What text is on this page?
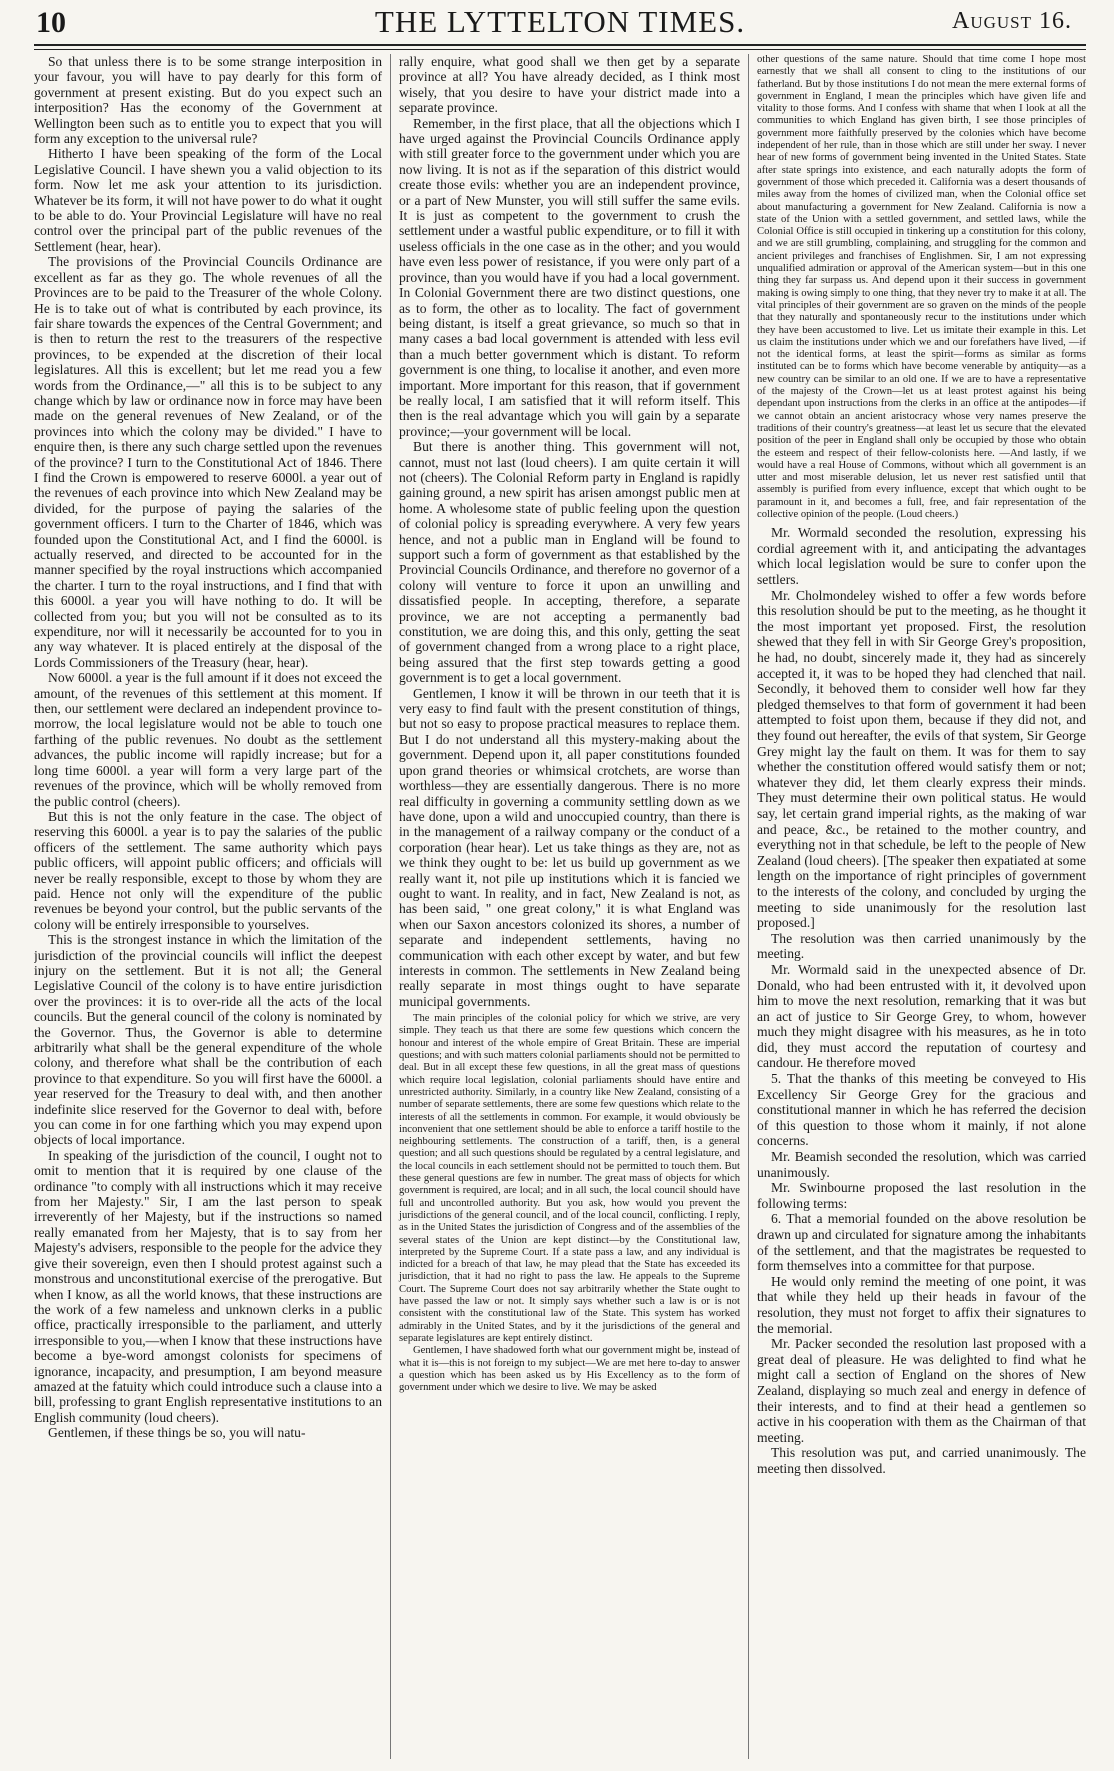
10	THE LYTTELTON TIMES.	August 16.

So that unless there is to be some strange interposition in your favour, you will have to pay dearly for this form of government at present existing. But do you expect such an interposition? Has the economy of the Government at Wellington been such as to entitle you to expect that you will form any exception to the universal rule?

Hitherto I have been speaking of the form of the Local Legislative Council. I have shewn you a valid objection to its form. Now let me ask your attention to its jurisdiction. Whatever be its form, it will not have power to do what it ought to be able to do. Your Provincial Legislature will have no real control over the principal part of the public revenues of the Settlement (hear, hear).

The provisions of the Provincial Councils Ordinance are excellent as far as they go. The whole revenues of all the Provinces are to be paid to the Treasurer of the whole Colony. He is to take out of what is contributed by each province, its fair share towards the expences of the Central Government; and is then to return the rest to the treasurers of the respective provinces, to be expended at the discretion of their local legislatures. All this is excellent; but let me read you a few words from the Ordinance,—" all this is to be subject to any change which by law or ordinance now in force may have been made on the general revenues of New Zealand, or of the provinces into which the colony may be divided." I have to enquire then, is there any such charge settled upon the revenues of the province? I turn to the Constitutional Act of 1846. There I find the Crown is empowered to reserve 6000l. a year out of the revenues of each province into which New Zealand may be divided, for the purpose of paying the salaries of the government officers. I turn to the Charter of 1846, which was founded upon the Constitutional Act, and I find the 6000l. is actually reserved, and directed to be accounted for in the manner specified by the royal instructions which accompanied the charter. I turn to the royal instructions, and I find that with this 6000l. a year you will have nothing to do. It will be collected from you; but you will not be consulted as to its expenditure, nor will it necessarily be accounted for to you in any way whatever. It is placed entirely at the disposal of the Lords Commissioners of the Treasury (hear, hear).

Now 6000l. a year is the full amount if it does not exceed the amount, of the revenues of this settlement at this moment. If then, our settlement were declared an independent province to-morrow, the local legislature would not be able to touch one farthing of the public revenues. No doubt as the settlement advances, the public income will rapidly increase; but for a long time 6000l. a year will form a very large part of the revenues of the province, which will be wholly removed from the public control (cheers).

But this is not the only feature in the case. The object of reserving this 6000l. a year is to pay the salaries of the public officers of the settlement. The same authority which pays public officers, will appoint public officers; and officials will never be really responsible, except to those by whom they are paid. Hence not only will the expenditure of the public revenues be beyond your control, but the public servants of the colony will be entirely irresponsible to yourselves.

This is the strongest instance in which the limitation of the jurisdiction of the provincial councils will inflict the deepest injury on the settlement. But it is not all; the General Legislative Council of the colony is to have entire jurisdiction over the provinces: it is to over-ride all the acts of the local councils. But the general council of the colony is nominated by the Governor. Thus, the Governor is able to determine arbitrarily what shall be the general expenditure of the whole colony, and therefore what shall be the contribution of each province to that expenditure. So you will first have the 6000l. a year reserved for the Treasury to deal with, and then another indefinite slice reserved for the Governor to deal with, before you can come in for one farthing which you may expend upon objects of local importance.

In speaking of the jurisdiction of the council, I ought not to omit to mention that it is required by one clause of the ordinance "to comply with all instructions which it may receive from her Majesty." Sir, I am the last person to speak irreverently of her Majesty, but if the instructions so named really emanated from her Majesty, that is to say from her Majesty's advisers, responsible to the people for the advice they give their sovereign, even then I should protest against such a monstrous and unconstitutional exercise of the prerogative. But when I know, as all the world knows, that these instructions are the work of a few nameless and unknown clerks in a public office, practically irresponsible to the parliament, and utterly irresponsible to you,—when I know that these instructions have become a bye-word amongst colonists for specimens of ignorance, incapacity, and presumption, I am beyond measure amazed at the fatuity which could introduce such a clause into a bill, professing to grant English representative institutions to an English community (loud cheers).

Gentlemen, if these things be so, you will natu-

rally enquire, what good shall we then get by a separate province at all? You have already decided, as I think most wisely, that you desire to have your district made into a separate province.

Remember, in the first place, that all the objections which I have urged against the Provincial Councils Ordinance apply with still greater force to the government under which you are now living. It is not as if the separation of this district would create those evils: whether you are an independent province, or a part of New Munster, you will still suffer the same evils. It is just as competent to the government to crush the settlement under a wastful public expenditure, or to fill it with useless officials in the one case as in the other; and you would have even less power of resistance, if you were only part of a province, than you would have if you had a local government. In Colonial Government there are two distinct questions, one as to form, the other as to locality. The fact of government being distant, is itself a great grievance, so much so that in many cases a bad local government is attended with less evil than a much better government which is distant. To reform government is one thing, to localise it another, and even more important. More important for this reason, that if government be really local, I am satisfied that it will reform itself. This then is the real advantage which you will gain by a separate province;—your government will be local.

But there is another thing. This government will not, cannot, must not last (loud cheers). I am quite certain it will not (cheers). The Colonial Reform party in England is rapidly gaining ground, a new spirit has arisen amongst public men at home. A wholesome state of public feeling upon the question of colonial policy is spreading everywhere. A very few years hence, and not a public man in England will be found to support such a form of government as that established by the Provincial Councils Ordinance, and therefore no governor of a colony will venture to force it upon an unwilling and dissatisfied people. In accepting, therefore, a separate province, we are not accepting a permanently bad constitution, we are doing this, and this only, getting the seat of government changed from a wrong place to a right place, being assured that the first step towards getting a good government is to get a local government.

Gentlemen, I know it will be thrown in our teeth that it is very easy to find fault with the present constitution of things, but not so easy to propose practical measures to replace them. But I do not understand all this mystery-making about the government. Depend upon it, all paper constitutions founded upon grand theories or whimsical crotchets, are worse than worthless—they are essentially dangerous. There is no more real difficulty in governing a community settling down as we have done, upon a wild and unoccupied country, than there is in the management of a railway company or the conduct of a corporation (hear hear). Let us take things as they are, not as we think they ought to be: let us build up government as we really want it, not pile up institutions which it is fancied we ought to want. In reality, and in fact, New Zealand is not, as has been said, " one great colony," it is what England was when our Saxon ancestors colonized its shores, a number of separate and independent settlements, having no communication with each other except by water, and but few interests in common. The settlements in New Zealand being really separate in most things ought to have separate municipal governments.

The main principles of the colonial policy for which we strive, are very simple. They teach us that there are some few questions which concern the honour and interest of the whole empire of Great Britain. These are imperial questions; and with such matters colonial parliaments should not be permitted to deal. But in all except these few questions, in all the great mass of questions which require local legislation, colonial parliaments should have entire and unrestricted authority. Similarly, in a country like New Zealand, consisting of a number of separate settlements, there are some few questions which relate to the interests of all the settlements in common. For example, it would obviously be inconvenient that one settlement should be able to enforce a tariff hostile to the neighbouring settlements. The construction of a tariff, then, is a general question; and all such questions should be regulated by a central legislature, and the local councils in each settlement should not be permitted to touch them. But these general questions are few in number. The great mass of objects for which government is required, are local; and in all such, the local council should have full and uncontrolled authority. But you ask, how would you prevent the jurisdictions of the general council, and of the local council, conflicting. I reply, as in the United States the jurisdiction of Congress and of the assemblies of the several states of the Union are kept distinct—by the Constitutional law, interpreted by the Supreme Court. If a state pass a law, and any individual is indicted for a breach of that law, he may plead that the State has exceeded its jurisdiction, that it had no right to pass the law. He appeals to the Supreme Court. The Supreme Court does not say arbitrarily whether the State ought to have passed the law or not. It simply says whether such a law is or is not consistent with the constitutional law of the State. This system has worked admirably in the United States, and by it the jurisdictions of the general and separate legislatures are kept entirely distinct.

Gentlemen, I have shadowed forth what our government might be, instead of what it is—this is not foreign to my subject—We are met here to-day to answer a question which has been asked us by His Excellency as to the form of government under which we desire to live. We may be asked

other questions of the same nature. Should that time come I hope most earnestly that we shall all consent to cling to the institutions of our fatherland. But by those institutions I do not mean the mere external forms of government in England, I mean the principles which have given life and vitality to those forms. And I confess with shame that when I look at all the communities to which England has given birth, I see those principles of government more faithfully preserved by the colonies which have become independent of her rule, than in those which are still under her sway. I never hear of new forms of government being invented in the United States. State after state springs into existence, and each naturally adopts the form of government of those which preceded it. California was a desert thousands of miles away from the homes of civilized man, when the Colonial office set about manufacturing a government for New Zealand. California is now a state of the Union with a settled government, and settled laws, while the Colonial Office is still occupied in tinkering up a constitution for this colony, and we are still grumbling, complaining, and struggling for the common and ancient privileges and franchises of Englishmen. Sir, I am not expressing unqualified admiration or approval of the American system—but in this one thing they far surpass us. And depend upon it their success in government making is owing simply to one thing, that they never try to make it at all. The vital principles of their government are so graven on the minds of the people that they naturally and spontaneously recur to the institutions under which they have been accustomed to live. Let us imitate their example in this. Let us claim the institutions under which we and our forefathers have lived, —if not the identical forms, at least the spirit—forms as similar as forms instituted can be to forms which have become venerable by antiquity—as a new country can be similar to an old one. If we are to have a representative of the majesty of the Crown—let us at least protest against his being dependant upon instructions from the clerks in an office at the antipodes—if we cannot obtain an ancient aristocracy whose very names preserve the traditions of their country's greatness—at least let us secure that the elevated position of the peer in England shall only be occupied by those who obtain the esteem and respect of their fellow-colonists here. —And lastly, if we would have a real House of Commons, without which all government is an utter and most miserable delusion, let us never rest satisfied until that assembly is purified from every influence, except that which ought to be paramount in it, and becomes a full, free, and fair representation of the collective opinion of the people. (Loud cheers.)

Mr. Wormald seconded the resolution, expressing his cordial agreement with it, and anticipating the advantages which local legislation would be sure to confer upon the settlers.

Mr. Cholmondeley wished to offer a few words before this resolution should be put to the meeting, as he thought it the most important yet proposed. First, the resolution shewed that they fell in with Sir George Grey's proposition, he had, no doubt, sincerely made it, they had as sincerely accepted it, it was to be hoped they had clenched that nail. Secondly, it behoved them to consider well how far they pledged themselves to that form of government it had been attempted to foist upon them, because if they did not, and they found out hereafter, the evils of that system, Sir George Grey might lay the fault on them. It was for them to say whether the constitution offered would satisfy them or not; whatever they did, let them clearly express their minds. They must determine their own political status. He would say, let certain grand imperial rights, as the making of war and peace, &c., be retained to the mother country, and everything not in that schedule, be left to the people of New Zealand (loud cheers). [The speaker then expatiated at some length on the importance of right principles of government to the interests of the colony, and concluded by urging the meeting to side unanimously for the resolution last proposed.]

The resolution was then carried unanimously by the meeting.

Mr. Wormald said in the unexpected absence of Dr. Donald, who had been entrusted with it, it devolved upon him to move the next resolution, remarking that it was but an act of justice to Sir George Grey, to whom, however much they might disagree with his measures, as he in toto did, they must accord the reputation of courtesy and candour. He therefore moved

5. That the thanks of this meeting be conveyed to His Excellency Sir George Grey for the gracious and constitutional manner in which he has referred the decision of this question to those whom it mainly, if not alone concerns.

Mr. Beamish seconded the resolution, which was carried unanimously.

Mr. Swinbourne proposed the last resolution in the following terms:

6. That a memorial founded on the above resolution be drawn up and circulated for signature among the inhabitants of the settlement, and that the magistrates be requested to form themselves into a committee for that purpose.

He would only remind the meeting of one point, it was that while they held up their heads in favour of the resolution, they must not forget to affix their signatures to the memorial.

Mr. Packer seconded the resolution last proposed with a great deal of pleasure. He was delighted to find what he might call a section of England on the shores of New Zealand, displaying so much zeal and energy in defence of their interests, and to find at their head a gentlemen so active in his cooperation with them as the Chairman of that meeting.

This resolution was put, and carried unanimously. The meeting then dissolved.
